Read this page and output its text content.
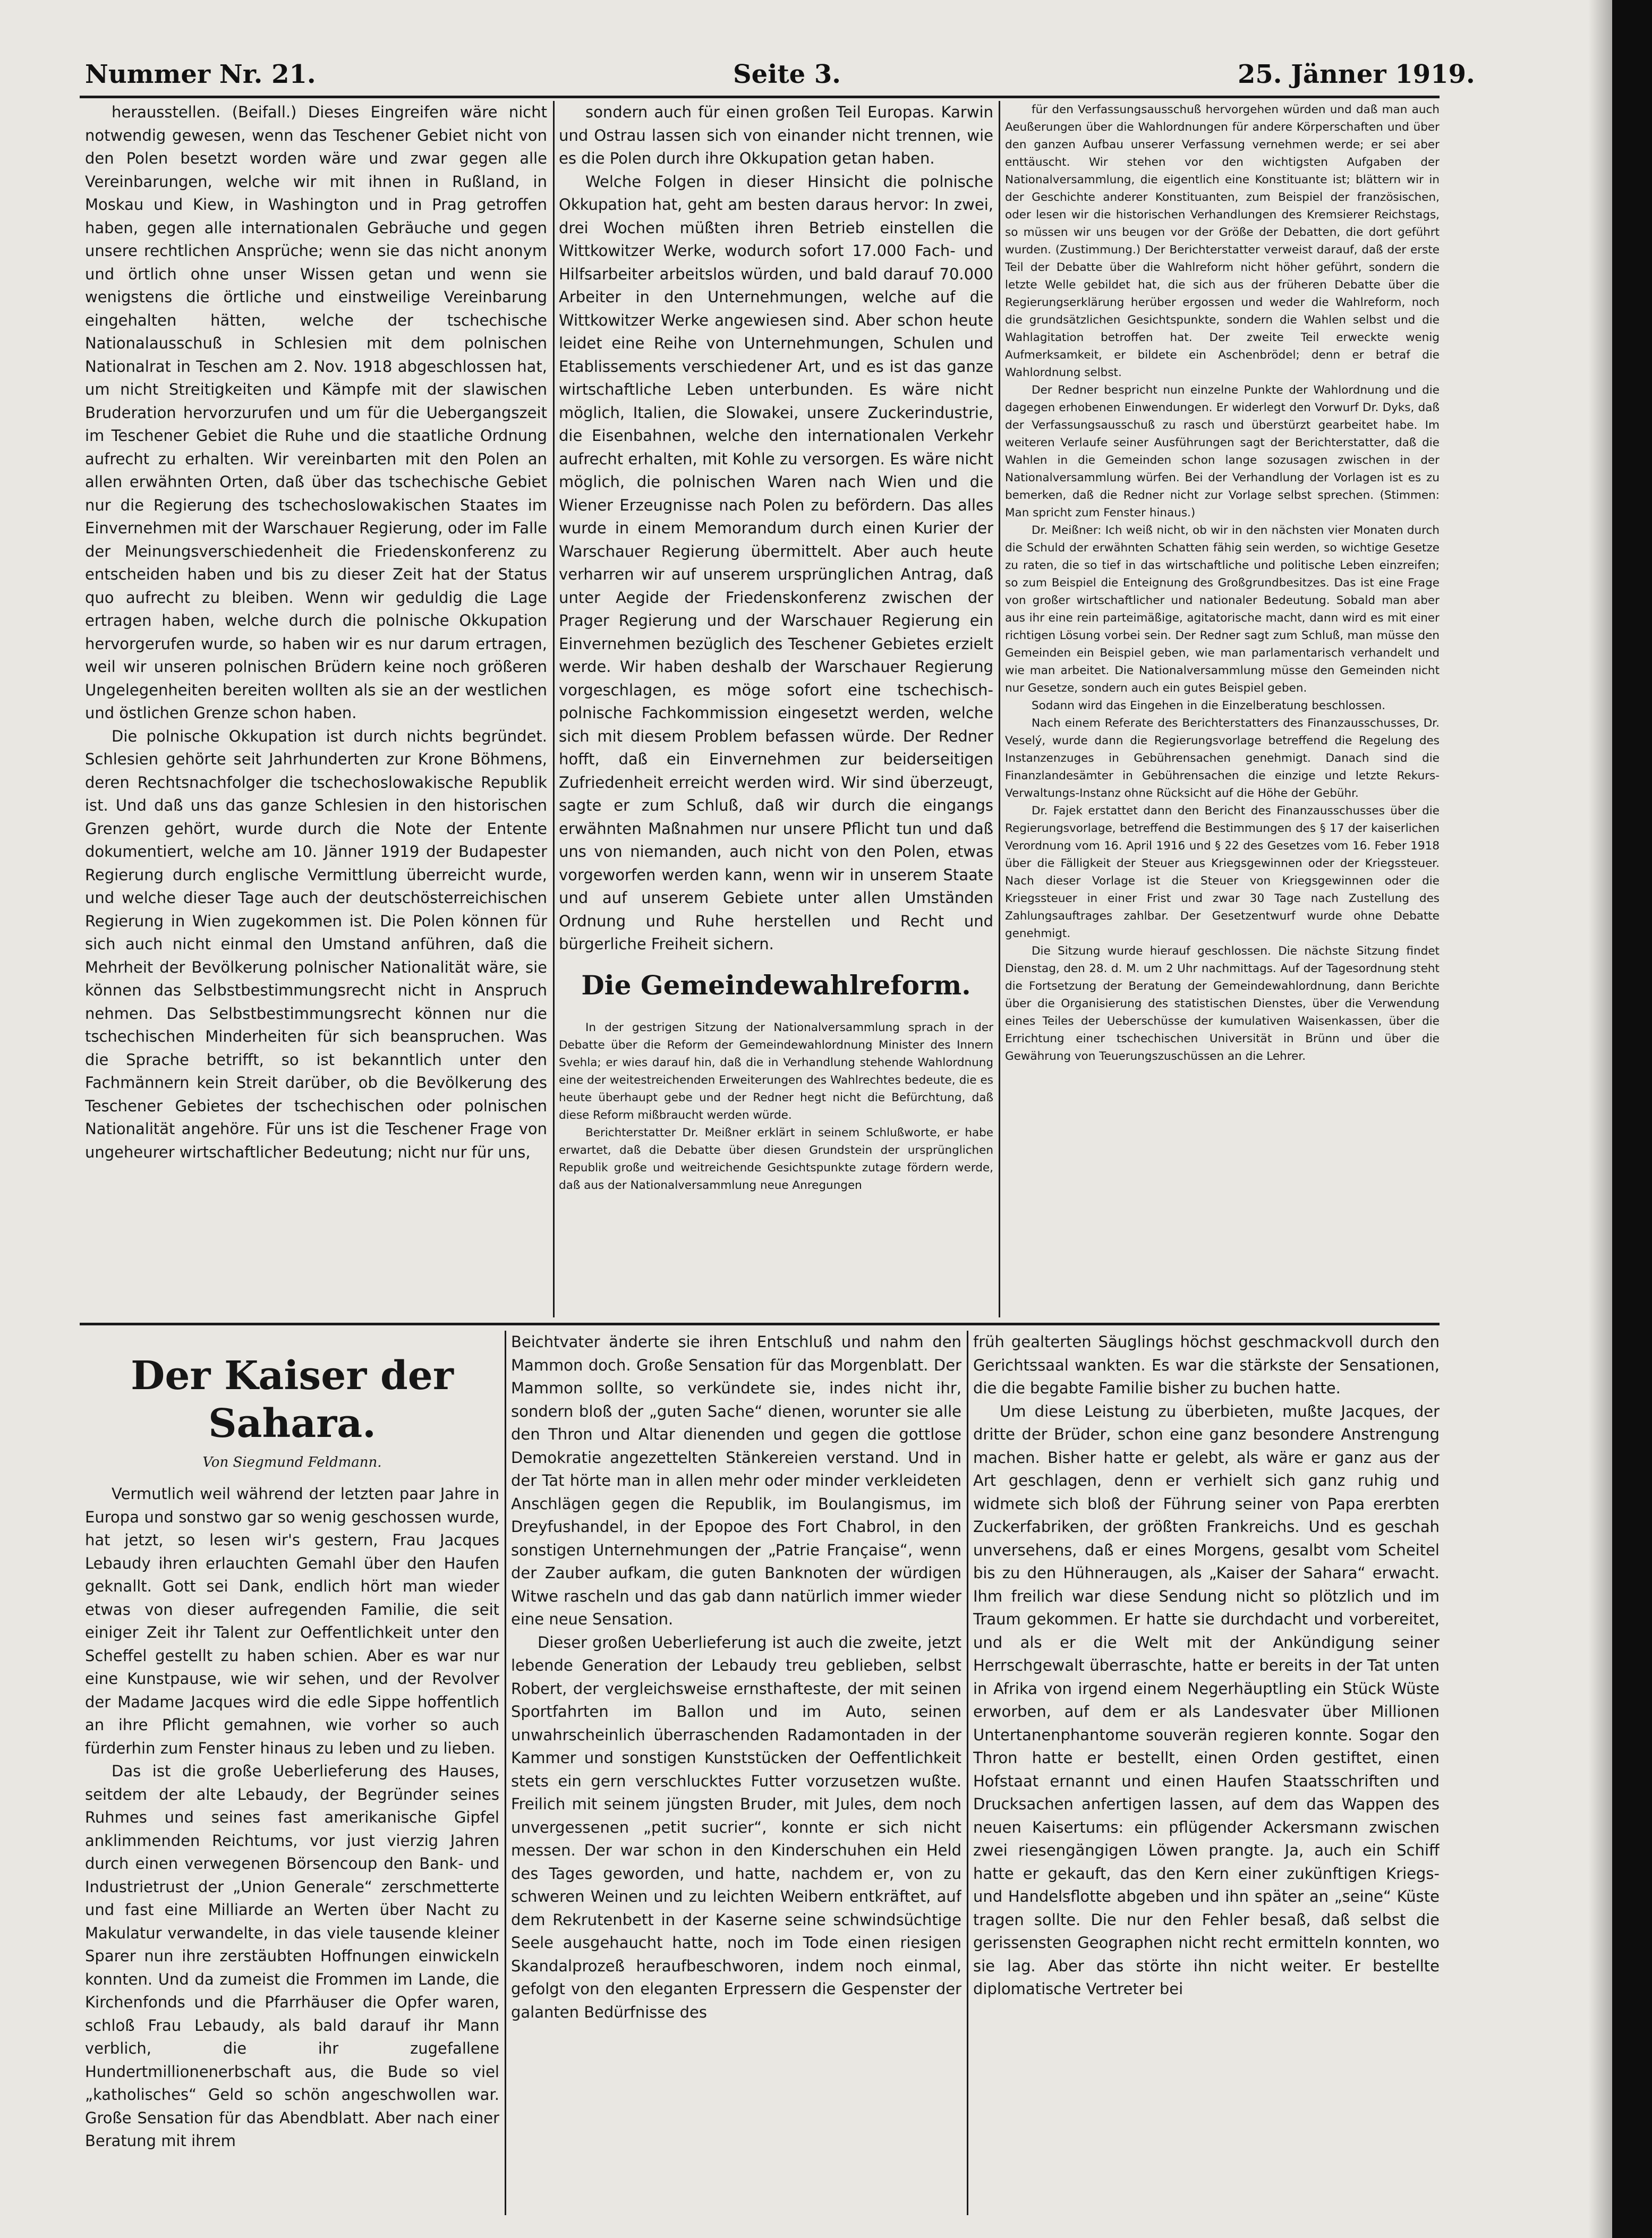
Nummer Nr. 21.	Seite 3.	25. Jänner 1919.

herausstellen. (Beifall.) Dieses Eingreifen wäre nicht notwendig gewesen, wenn das Teschener Gebiet nicht von den Polen besetzt worden wäre und zwar gegen alle Vereinbarungen, welche wir mit ihnen in Rußland, in Moskau und Kiew, in Washington und in Prag getroffen haben, gegen alle internationalen Gebräuche und gegen unsere rechtlichen Ansprüche; wenn sie das nicht anonym und örtlich ohne unser Wissen getan und wenn sie wenigstens die örtliche und einstweilige Vereinbarung eingehalten hätten, welche der tschechische Nationalausschuß in Schlesien mit dem polnischen Nationalrat in Teschen am 2. Nov. 1918 abgeschlossen hat, um nicht Streitigkeiten und Kämpfe mit der slawischen Bruderation hervorzurufen und um für die Uebergangszeit im Teschener Gebiet die Ruhe und die staatliche Ordnung aufrecht zu erhalten. Wir vereinbarten mit den Polen an allen erwähnten Orten, daß über das tschechische Gebiet nur die Regierung des tschechoslowakischen Staates im Einvernehmen mit der Warschauer Regierung, oder im Falle der Meinungsverschiedenheit die Friedenskonferenz zu entscheiden haben und bis zu dieser Zeit hat der Status quo aufrecht zu bleiben. Wenn wir geduldig die Lage ertragen haben, welche durch die polnische Okkupation hervorgerufen wurde, so haben wir es nur darum ertragen, weil wir unseren polnischen Brüdern keine noch größeren Ungelegenheiten bereiten wollten als sie an der westlichen und östlichen Grenze schon haben.

Die polnische Okkupation ist durch nichts begründet. Schlesien gehörte seit Jahrhunderten zur Krone Böhmens, deren Rechtsnachfolger die tschechoslowakische Republik ist. Und daß uns das ganze Schlesien in den historischen Grenzen gehört, wurde durch die Note der Entente dokumentiert, welche am 10. Jänner 1919 der Budapester Regierung durch englische Vermittlung überreicht wurde, und welche dieser Tage auch der deutschösterreichischen Regierung in Wien zugekommen ist. Die Polen können für sich auch nicht einmal den Umstand anführen, daß die Mehrheit der Bevölkerung polnischer Nationalität wäre, sie können das Selbstbestimmungsrecht nicht in Anspruch nehmen. Das Selbstbestimmungsrecht können nur die tschechischen Minderheiten für sich beanspruchen. Was die Sprache betrifft, so ist bekanntlich unter den Fachmännern kein Streit darüber, ob die Bevölkerung des Teschener Gebietes der tschechischen oder polnischen Nationalität angehöre. Für uns ist die Teschener Frage von ungeheurer wirtschaftlicher Bedeutung; nicht nur für uns,

sondern auch für einen großen Teil Europas. Karwin und Ostrau lassen sich von einander nicht trennen, wie es die Polen durch ihre Okkupation getan haben.

Welche Folgen in dieser Hinsicht die polnische Okkupation hat, geht am besten daraus hervor: In zwei, drei Wochen müßten ihren Betrieb einstellen die Wittkowitzer Werke, wodurch sofort 17.000 Fach- und Hilfsarbeiter arbeitslos würden, und bald darauf 70.000 Arbeiter in den Unternehmungen, welche auf die Wittkowitzer Werke angewiesen sind. Aber schon heute leidet eine Reihe von Unternehmungen, Schulen und Etablissements verschiedener Art, und es ist das ganze wirtschaftliche Leben unterbunden. Es wäre nicht möglich, Italien, die Slowakei, unsere Zuckerindustrie, die Eisenbahnen, welche den internationalen Verkehr aufrecht erhalten, mit Kohle zu versorgen. Es wäre nicht möglich, die polnischen Waren nach Wien und die Wiener Erzeugnisse nach Polen zu befördern. Das alles wurde in einem Memorandum durch einen Kurier der Warschauer Regierung übermittelt. Aber auch heute verharren wir auf unserem ursprünglichen Antrag, daß unter Aegide der Friedenskonferenz zwischen der Prager Regierung und der Warschauer Regierung ein Einvernehmen bezüglich des Teschener Gebietes erzielt werde. Wir haben deshalb der Warschauer Regierung vorgeschlagen, es möge sofort eine tschechisch-polnische Fachkommission eingesetzt werden, welche sich mit diesem Problem befassen würde. Der Redner hofft, daß ein Einvernehmen zur beiderseitigen Zufriedenheit erreicht werden wird. Wir sind überzeugt, sagte er zum Schluß, daß wir durch die eingangs erwähnten Maßnahmen nur unsere Pflicht tun und daß uns von niemanden, auch nicht von den Polen, etwas vorgeworfen werden kann, wenn wir in unserem Staate und auf unserem Gebiete unter allen Umständen Ordnung und Ruhe herstellen und Recht und bürgerliche Freiheit sichern.

Die Gemeindewahlreform.

In der gestrigen Sitzung der Nationalversammlung sprach in der Debatte über die Reform der Gemeindewahlordnung Minister des Innern Svehla; er wies darauf hin, daß die in Verhandlung stehende Wahlordnung eine der weitestreichenden Erweiterungen des Wahlrechtes bedeute, die es heute überhaupt gebe und der Redner hegt nicht die Befürchtung, daß diese Reform mißbraucht werden würde.

Berichterstatter Dr. Meißner erklärt in seinem Schlußworte, er habe erwartet, daß die Debatte über diesen Grundstein der ursprünglichen Republik große und weitreichende Gesichtspunkte zutage fördern werde, daß aus der Nationalversammlung neue Anregungen

für den Verfassungsausschuß hervorgehen würden und daß man auch Aeußerungen über die Wahlordnungen für andere Körperschaften und über den ganzen Aufbau unserer Verfassung vernehmen werde; er sei aber enttäuscht. Wir stehen vor den wichtigsten Aufgaben der Nationalversammlung, die eigentlich eine Konstituante ist; blättern wir in der Geschichte anderer Konstituanten, zum Beispiel der französischen, oder lesen wir die historischen Verhandlungen des Kremsierer Reichstags, so müssen wir uns beugen vor der Größe der Debatten, die dort geführt wurden. (Zustimmung.) Der Berichterstatter verweist darauf, daß der erste Teil der Debatte über die Wahlreform nicht höher geführt, sondern die letzte Welle gebildet hat, die sich aus der früheren Debatte über die Regierungserklärung herüber ergossen und weder die Wahlreform, noch die grundsätzlichen Gesichtspunkte, sondern die Wahlen selbst und die Wahlagitation betroffen hat. Der zweite Teil erweckte wenig Aufmerksamkeit, er bildete ein Aschenbrödel; denn er betraf die Wahlordnung selbst.

Der Redner bespricht nun einzelne Punkte der Wahlordnung und die dagegen erhobenen Einwendungen. Er widerlegt den Vorwurf Dr. Dyks, daß der Verfassungsausschuß zu rasch und überstürzt gearbeitet habe. Im weiteren Verlaufe seiner Ausführungen sagt der Berichterstatter, daß die Wahlen in die Gemeinden schon lange sozusagen zwischen in der Nationalversammlung würfen. Bei der Verhandlung der Vorlagen ist es zu bemerken, daß die Redner nicht zur Vorlage selbst sprechen. (Stimmen: Man spricht zum Fenster hinaus.)

Dr. Meißner: Ich weiß nicht, ob wir in den nächsten vier Monaten durch die Schuld der erwähnten Schatten fähig sein werden, so wichtige Gesetze zu raten, die so tief in das wirtschaftliche und politische Leben einzreifen; so zum Beispiel die Enteignung des Großgrundbesitzes. Das ist eine Frage von großer wirtschaftlicher und nationaler Bedeutung. Sobald man aber aus ihr eine rein parteimäßige, agitatorische macht, dann wird es mit einer richtigen Lösung vorbei sein. Der Redner sagt zum Schluß, man müsse den Gemeinden ein Beispiel geben, wie man parlamentarisch verhandelt und wie man arbeitet. Die Nationalversammlung müsse den Gemeinden nicht nur Gesetze, sondern auch ein gutes Beispiel geben.

Sodann wird das Eingehen in die Einzelberatung beschlossen.

Nach einem Referate des Berichterstatters des Finanzausschusses, Dr. Veselý, wurde dann die Regierungsvorlage betreffend die Regelung des Instanzenzuges in Gebührensachen genehmigt. Danach sind die Finanzlandesämter in Gebührensachen die einzige und letzte Rekurs-Verwaltungs-Instanz ohne Rücksicht auf die Höhe der Gebühr.

Dr. Fajek erstattet dann den Bericht des Finanzausschusses über die Regierungsvorlage, betreffend die Bestimmungen des § 17 der kaiserlichen Verordnung vom 16. April 1916 und § 22 des Gesetzes vom 16. Feber 1918 über die Fälligkeit der Steuer aus Kriegsgewinnen oder der Kriegssteuer. Nach dieser Vorlage ist die Steuer von Kriegsgewinnen oder die Kriegssteuer in einer Frist und zwar 30 Tage nach Zustellung des Zahlungsauftrages zahlbar. Der Gesetzentwurf wurde ohne Debatte genehmigt.

Die Sitzung wurde hierauf geschlossen. Die nächste Sitzung findet Dienstag, den 28. d. M. um 2 Uhr nachmittags. Auf der Tagesordnung steht die Fortsetzung der Beratung der Gemeindewahlordnung, dann Berichte über die Organisierung des statistischen Dienstes, über die Verwendung eines Teiles der Ueberschüsse der kumulativen Waisenkassen, über die Errichtung einer tschechischen Universität in Brünn und über die Gewährung von Teuerungszuschüssen an die Lehrer.

Der Kaiser der Sahara.
Von Siegmund Feldmann.

Vermutlich weil während der letzten paar Jahre in Europa und sonstwo gar so wenig geschossen wurde, hat jetzt, so lesen wir's gestern, Frau Jacques Lebaudy ihren erlauchten Gemahl über den Haufen geknallt. Gott sei Dank, endlich hört man wieder etwas von dieser aufregenden Familie, die seit einiger Zeit ihr Talent zur Oeffentlichkeit unter den Scheffel gestellt zu haben schien. Aber es war nur eine Kunstpause, wie wir sehen, und der Revolver der Madame Jacques wird die edle Sippe hoffentlich an ihre Pflicht gemahnen, wie vorher so auch fürderhin zum Fenster hinaus zu leben und zu lieben.

Das ist die große Ueberlieferung des Hauses, seitdem der alte Lebaudy, der Begründer seines Ruhmes und seines fast amerikanische Gipfel anklimmenden Reichtums, vor just vierzig Jahren durch einen verwegenen Börsencoup den Bank- und Industrietrust der „Union Generale“ zerschmetterte und fast eine Milliarde an Werten über Nacht zu Makulatur verwandelte, in das viele tausende kleiner Sparer nun ihre zerstäubten Hoffnungen einwickeln konnten. Und da zumeist die Frommen im Lande, die Kirchenfonds und die Pfarrhäuser die Opfer waren, schloß Frau Lebaudy, als bald darauf ihr Mann verblich, die ihr zugefallene Hundertmillionenerbschaft aus, die Bude so viel „katholisches“ Geld so schön angeschwollen war. Große Sensation für das Abendblatt. Aber nach einer Beratung mit ihrem

Beichtvater änderte sie ihren Entschluß und nahm den Mammon doch. Große Sensation für das Morgenblatt. Der Mammon sollte, so verkündete sie, indes nicht ihr, sondern bloß der „guten Sache“ dienen, worunter sie alle den Thron und Altar dienenden und gegen die gottlose Demokratie angezettelten Stänkereien verstand. Und in der Tat hörte man in allen mehr oder minder verkleideten Anschlägen gegen die Republik, im Boulangismus, im Dreyfushandel, in der Epopoe des Fort Chabrol, in den sonstigen Unternehmungen der „Patrie Française“, wenn der Zauber aufkam, die guten Banknoten der würdigen Witwe rascheln und das gab dann natürlich immer wieder eine neue Sensation.

Dieser großen Ueberlieferung ist auch die zweite, jetzt lebende Generation der Lebaudy treu geblieben, selbst Robert, der vergleichsweise ernsthafteste, der mit seinen Sportfahrten im Ballon und im Auto, seinen unwahrscheinlich überraschenden Radamontaden in der Kammer und sonstigen Kunststücken der Oeffentlichkeit stets ein gern verschlucktes Futter vorzusetzen wußte. Freilich mit seinem jüngsten Bruder, mit Jules, dem noch unvergessenen „petit sucrier“, konnte er sich nicht messen. Der war schon in den Kinderschuhen ein Held des Tages geworden, und hatte, nachdem er, von zu schweren Weinen und zu leichten Weibern entkräftet, auf dem Rekrutenbett in der Kaserne seine schwindsüchtige Seele ausgehaucht hatte, noch im Tode einen riesigen Skandalprozeß heraufbeschworen, indem noch einmal, gefolgt von den eleganten Erpressern die Gespenster der galanten Bedürfnisse des

früh gealterten Säuglings höchst geschmackvoll durch den Gerichtssaal wankten. Es war die stärkste der Sensationen, die die begabte Familie bisher zu buchen hatte.

Um diese Leistung zu überbieten, mußte Jacques, der dritte der Brüder, schon eine ganz besondere Anstrengung machen. Bisher hatte er gelebt, als wäre er ganz aus der Art geschlagen, denn er verhielt sich ganz ruhig und widmete sich bloß der Führung seiner von Papa ererbten Zuckerfabriken, der größten Frankreichs. Und es geschah unversehens, daß er eines Morgens, gesalbt vom Scheitel bis zu den Hühneraugen, als „Kaiser der Sahara“ erwacht. Ihm freilich war diese Sendung nicht so plötzlich und im Traum gekommen. Er hatte sie durchdacht und vorbereitet, und als er die Welt mit der Ankündigung seiner Herrschgewalt überraschte, hatte er bereits in der Tat unten in Afrika von irgend einem Negerhäuptling ein Stück Wüste erworben, auf dem er als Landesvater über Millionen Untertanenphantome souverän regieren konnte. Sogar den Thron hatte er bestellt, einen Orden gestiftet, einen Hofstaat ernannt und einen Haufen Staatsschriften und Drucksachen anfertigen lassen, auf dem das Wappen des neuen Kaisertums: ein pflügender Ackersmann zwischen zwei riesengängigen Löwen prangte. Ja, auch ein Schiff hatte er gekauft, das den Kern einer zukünftigen Kriegs- und Handelsflotte abgeben und ihn später an „seine“ Küste tragen sollte. Die nur den Fehler besaß, daß selbst die gerissensten Geographen nicht recht ermitteln konnten, wo sie lag. Aber das störte ihn nicht weiter. Er bestellte diplomatische Vertreter bei
